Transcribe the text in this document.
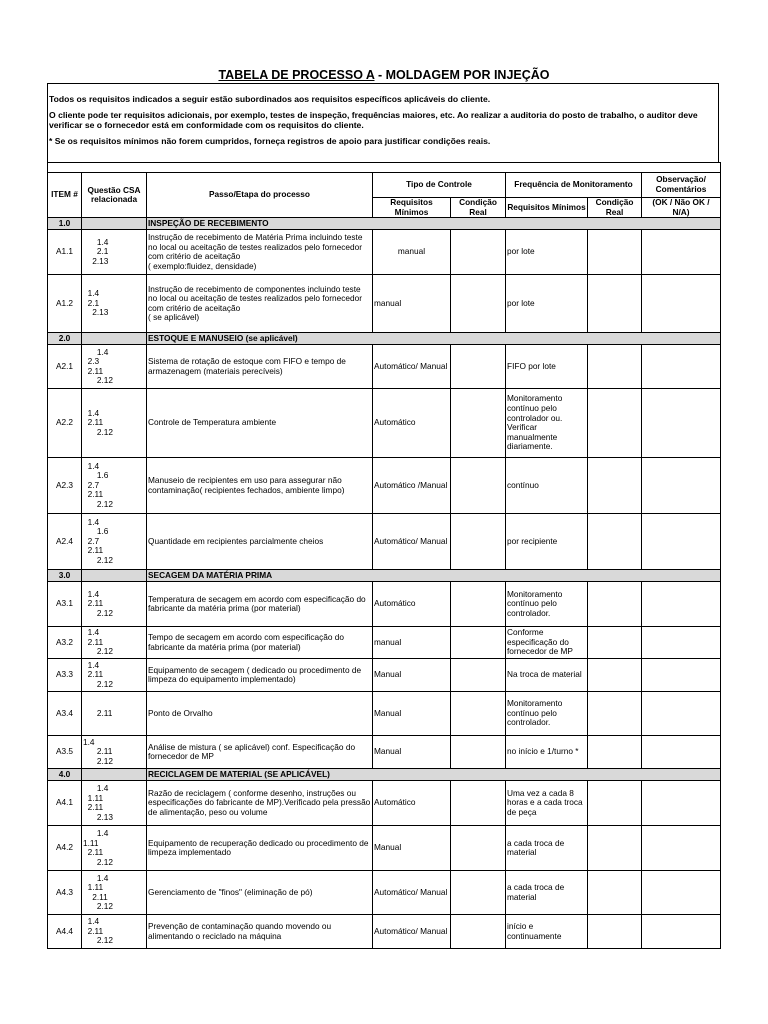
TABELA DE PROCESSO A - MOLDAGEM POR INJEÇÃO

Todos os requisitos indicados a seguir estão subordinados aos requisitos específicos aplicáveis do cliente.

O cliente pode ter requisitos adicionais, por exemplo, testes de inspeção, frequências maiores, etc. Ao realizar a auditoria do posto de trabalho, o auditor deve verificar se o fornecedor está em conformidade com os requisitos do cliente.

* Se os requisitos mínimos não forem cumpridos, forneça registros de apoio para justificar condições reais.

ITEM #	Questão CSA relacionada	Passo/Etapa do processo	Tipo de Controle		Frequência de Monitoramento		Observação/ Comentários
			Requisitos Mínimos	Condição Real	Requisitos Mínimos	Condição Real	(OK / Não OK / N/A)
1.0		INSPEÇÃO DE RECEBIMENTO					
A1.1	1.4
2.1
2.13	Instrução de recebimento de Matéria Prima incluindo teste no local ou aceitação de testes realizados pelo fornecedor com critério de aceitação
( exemplo:fluidez, densidade)	manual		por lote		
A1.2	1.4
2.1
2.13	Instrução de recebimento de componentes incluindo teste no local ou aceitação de testes realizados pelo fornecedor com critério de aceitação
( se aplicável)	manual		por lote		
2.0		ESTOQUE E MANUSEIO (se aplicável)					
A2.1	1.4
2.3
2.11
2.12	Sistema de rotação de estoque com FIFO e tempo de armazenagem (materiais perecíveis)	Automático/ Manual		FIFO por lote		
A2.2	1.4
2.11
2.12	Controle de Temperatura ambiente	Automático		Monitoramento contínuo pelo controlador ou. Verificar manualmente diariamente.		
A2.3	1.4
1.6
2.7
2.11
2.12	Manuseio de recipientes em uso para assegurar não contaminação( recipientes fechados, ambiente limpo)	Automático /Manual		contínuo		
A2.4	1.4
1.6
2.7
2.11
2.12	Quantidade em recipientes parcialmente cheios	Automático/ Manual		por recipiente		
3.0		SECAGEM DA MATÉRIA PRIMA					
A3.1	1.4
2.11
2.12	Temperatura de secagem em acordo com especificação do fabricante da matéria prima (por material)	Automático		Monitoramento contínuo pelo controlador.		
A3.2	1.4
2.11
2.12	Tempo de secagem em acordo com especificação do fabricante da matéria prima (por material)	manual		Conforme especificação do fornecedor de MP		
A3.3	1.4
2.11
2.12	Equipamento de secagem ( dedicado ou procedimento de limpeza do equipamento implementado)	Manual		Na troca de material		
A3.4	2.11	Ponto de Orvalho	Manual		Monitoramento contínuo pelo controlador.		
A3.5	1.4
2.11
2.12	Análise de mistura ( se aplicável) conf. Especificação do fornecedor de MP	Manual		no início e 1/turno *		
4.0		RECICLAGEM DE MATERIAL (SE APLICÁVEL)					
A4.1	1.4
1.11
2.11
2.13	Razão de reciclagem ( conforme desenho, instruções ou especificações do fabricante de MP).Verificado pela pressão de alimentação, peso ou volume	Automático		Uma vez a cada 8 horas e a cada troca de peça		
A4.2	1.4
1.11
2.11
2.12	Equipamento de recuperação dedicado ou procedimento de limpeza implementado	Manual		a cada troca de material		
A4.3	1.4
1.11
2.11
2.12	Gerenciamento de "finos" (eliminação de pó)	Automático/ Manual		a cada troca de material		
A4.4	1.4
2.11
2.12	Prevenção de contaminação quando movendo ou alimentando o reciclado na máquina	Automático/ Manual		início e continuamente		
